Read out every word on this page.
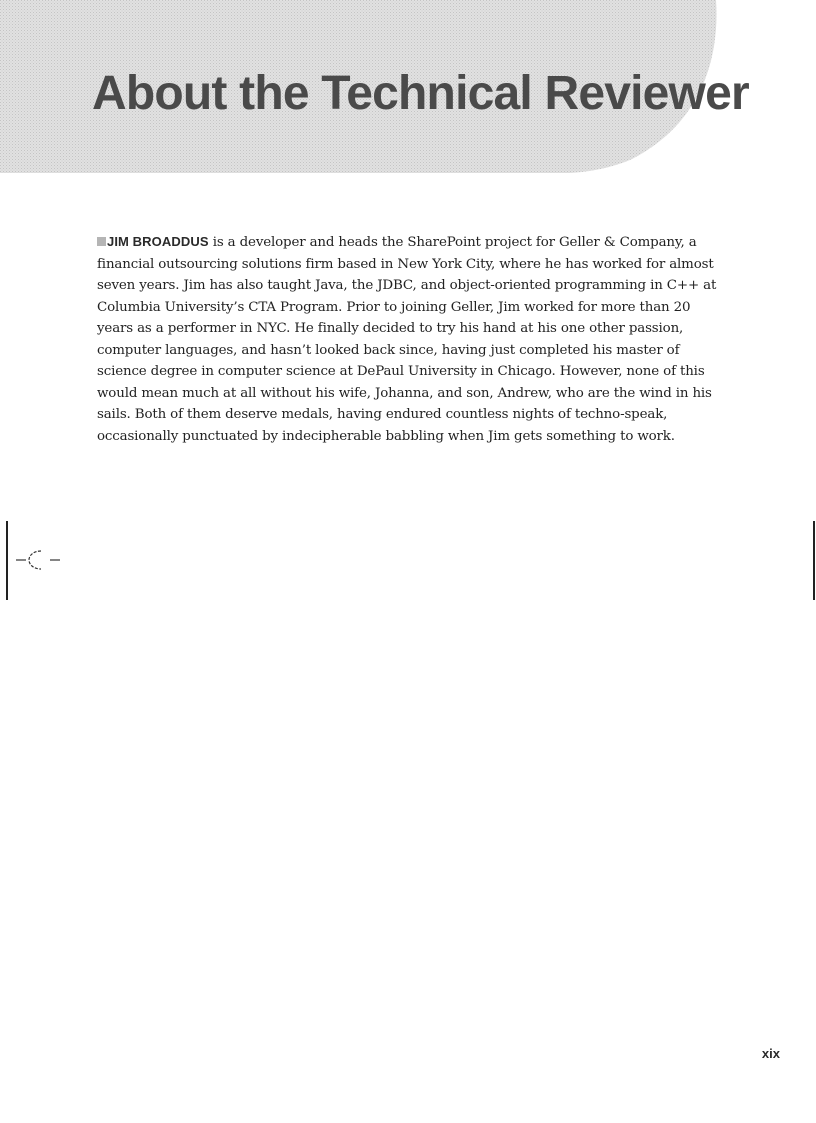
About the Technical Reviewer

JIM BROADDUS is a developer and heads the SharePoint project for Geller & Company, a financial outsourcing solutions firm based in New York City, where he has worked for almost seven years. Jim has also taught Java, the JDBC, and object-oriented programming in C++ at Columbia University’s CTA Program. Prior to joining Geller, Jim worked for more than 20 years as a performer in NYC. He finally decided to try his hand at his one other passion, computer languages, and hasn’t looked back since, having just completed his master of science degree in computer science at DePaul University in Chicago. However, none of this would mean much at all without his wife, Johanna, and son, Andrew, who are the wind in his sails. Both of them deserve medals, having endured countless nights of techno-speak, occasionally punctuated by indecipherable babbling when Jim gets something to work.

xix
